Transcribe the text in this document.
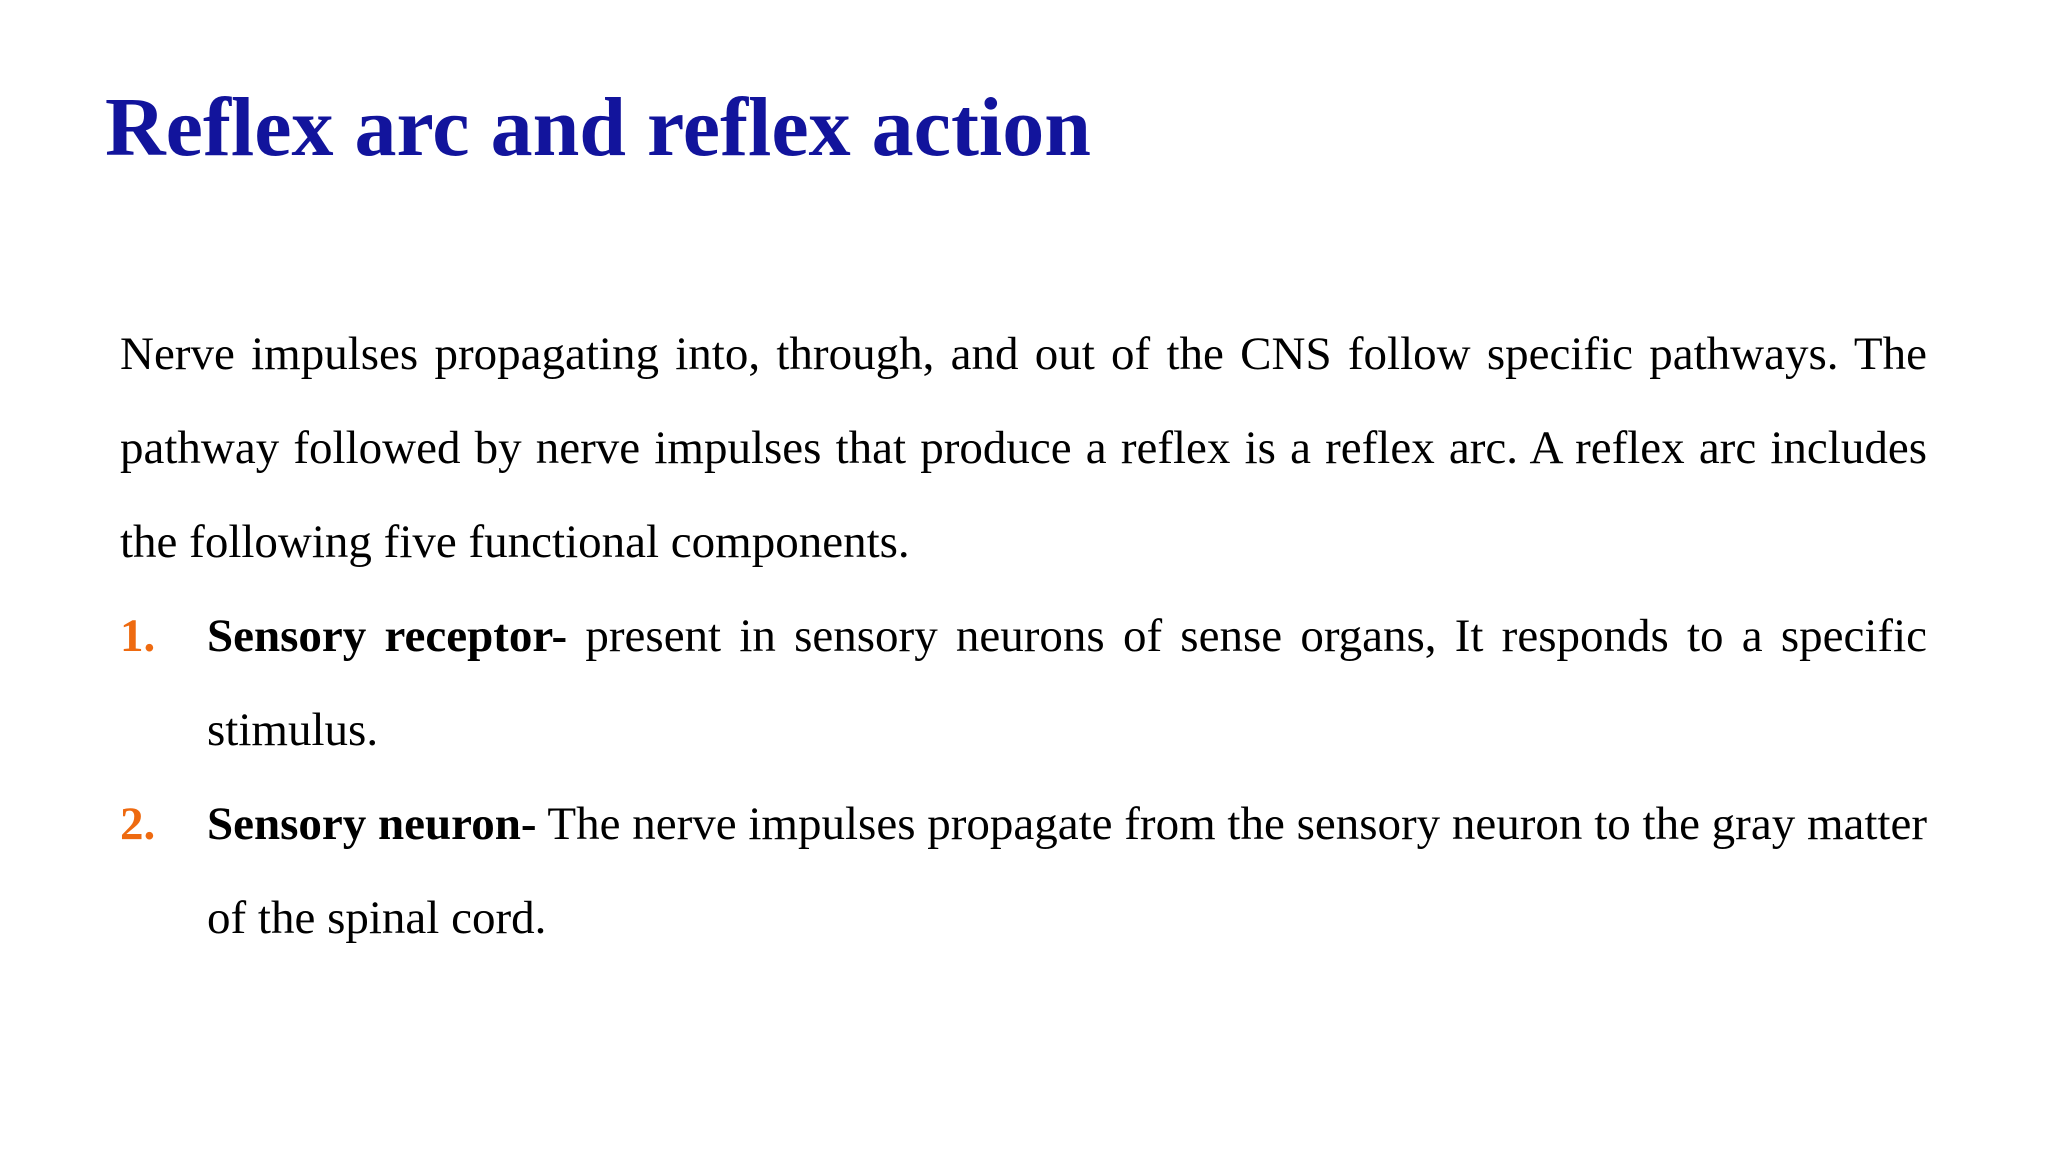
Reflex arc and reflex action

Nerve impulses propagating into, through, and out of the CNS follow specific pathways. The pathway followed by nerve impulses that produce a reflex is a reflex arc. A reflex arc includes the following five functional components.

1. Sensory receptor- present in sensory neurons of sense organs, It responds to a specific stimulus.
2. Sensory neuron- The nerve impulses propagate from the sensory neuron to the gray matter of the spinal cord.
